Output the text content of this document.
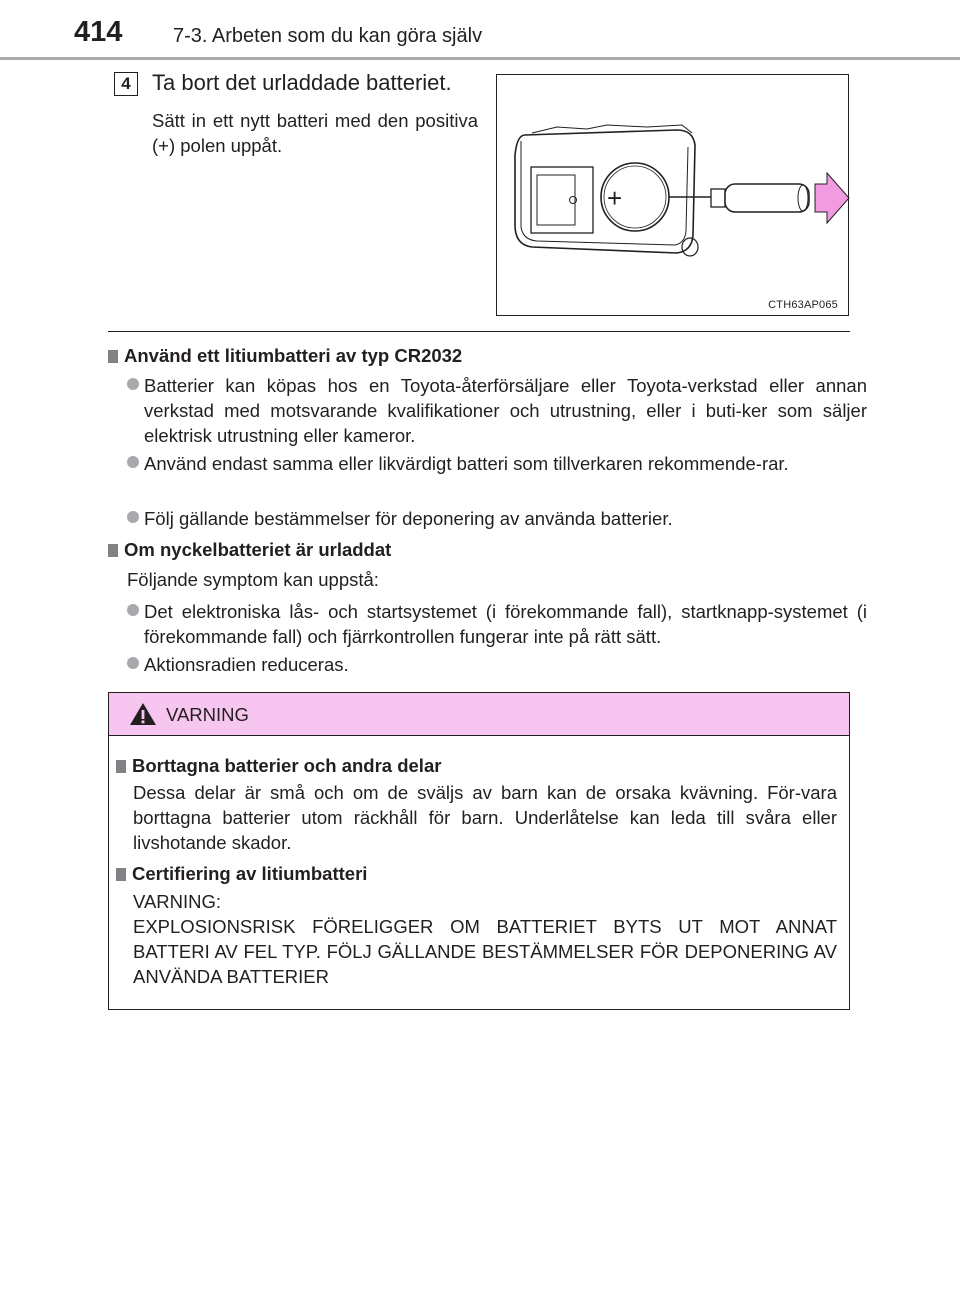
414	7-3. Arbeten som du kan göra själv
4 Ta bort det urladdade batteriet.
Sätt in ett nytt batteri med den positiva (+) polen uppåt.
+
CTH63AP065
Använd ett litiumbatteri av typ CR2032
Batterier kan köpas hos en Toyota-återförsäljare eller Toyota-verkstad eller annan verkstad med motsvarande kvalifikationer och utrustning, eller i buti-ker som säljer elektrisk utrustning eller kameror.
Använd endast samma eller likvärdigt batteri som tillverkaren rekommende-rar.
Följ gällande bestämmelser för deponering av använda batterier.
Om nyckelbatteriet är urladdat
Följande symptom kan uppstå:
Det elektroniska lås- och startsystemet (i förekommande fall), startknapp-systemet (i förekommande fall) och fjärrkontrollen fungerar inte på rätt sätt.
Aktionsradien reduceras.
VARNING
Borttagna batterier och andra delar
Dessa delar är små och om de sväljs av barn kan de orsaka kvävning. För-vara borttagna batterier utom räckhåll för barn. Underlåtelse kan leda till svåra eller livshotande skador.
Certifiering av litiumbatteri
VARNING:
EXPLOSIONSRISK FÖRELIGGER OM BATTERIET BYTS UT MOT ANNAT BATTERI AV FEL TYP. FÖLJ GÄLLANDE BESTÄMMELSER FÖR DEPONERING AV ANVÄNDA BATTERIER
